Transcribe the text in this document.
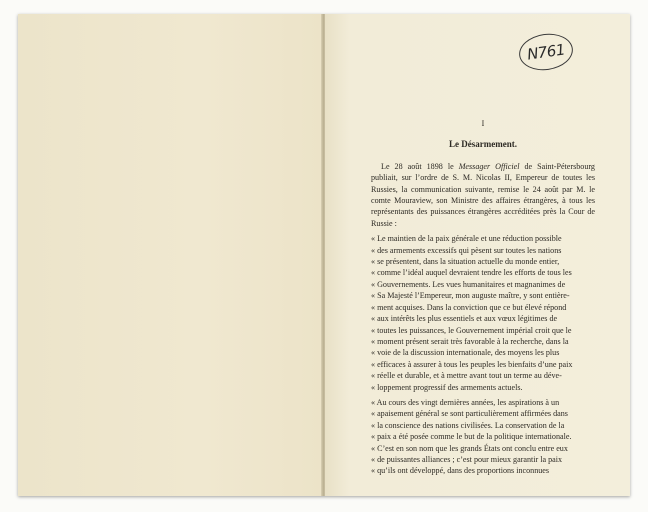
N761
I
Le Désarmement.

Le 28 août 1898 le Messager Officiel de Saint-Pétersbourg publiait, sur l’ordre de S. M. Nicolas II, Empereur de toutes les Russies, la communication suivante, remise le 24 août par M. le comte Mouraview, son Ministre des affaires étrangères, à tous les représentants des puissances étrangères accréditées près la Cour de Russie :

« Le maintien de la paix générale et une réduction possible
« des armements excessifs qui pèsent sur toutes les nations
« se présentent, dans la situation actuelle du monde entier,
« comme l’idéal auquel devraient tendre les efforts de tous les
« Gouvernements. Les vues humanitaires et magnanimes de
« Sa Majesté l’Empereur, mon auguste maître, y sont entière-
« ment acquises. Dans la conviction que ce but élevé répond
« aux intérêts les plus essentiels et aux vœux légitimes de
« toutes les puissances, le Gouvernement impérial croit que le
« moment présent serait très favorable à la recherche, dans la
« voie de la discussion internationale, des moyens les plus
« efficaces à assurer à tous les peuples les bienfaits d’une paix
« réelle et durable, et à mettre avant tout un terme au déve-
« loppement progressif des armements actuels.
« Au cours des vingt dernières années, les aspirations à un
« apaisement général se sont particulièrement affirmées dans
« la conscience des nations civilisées. La conservation de la
« paix a été posée comme le but de la politique internationale.
« C’est en son nom que les grands États ont conclu entre eux
« de puissantes alliances ; c’est pour mieux garantir la paix
« qu’ils ont développé, dans des proportions inconnues
